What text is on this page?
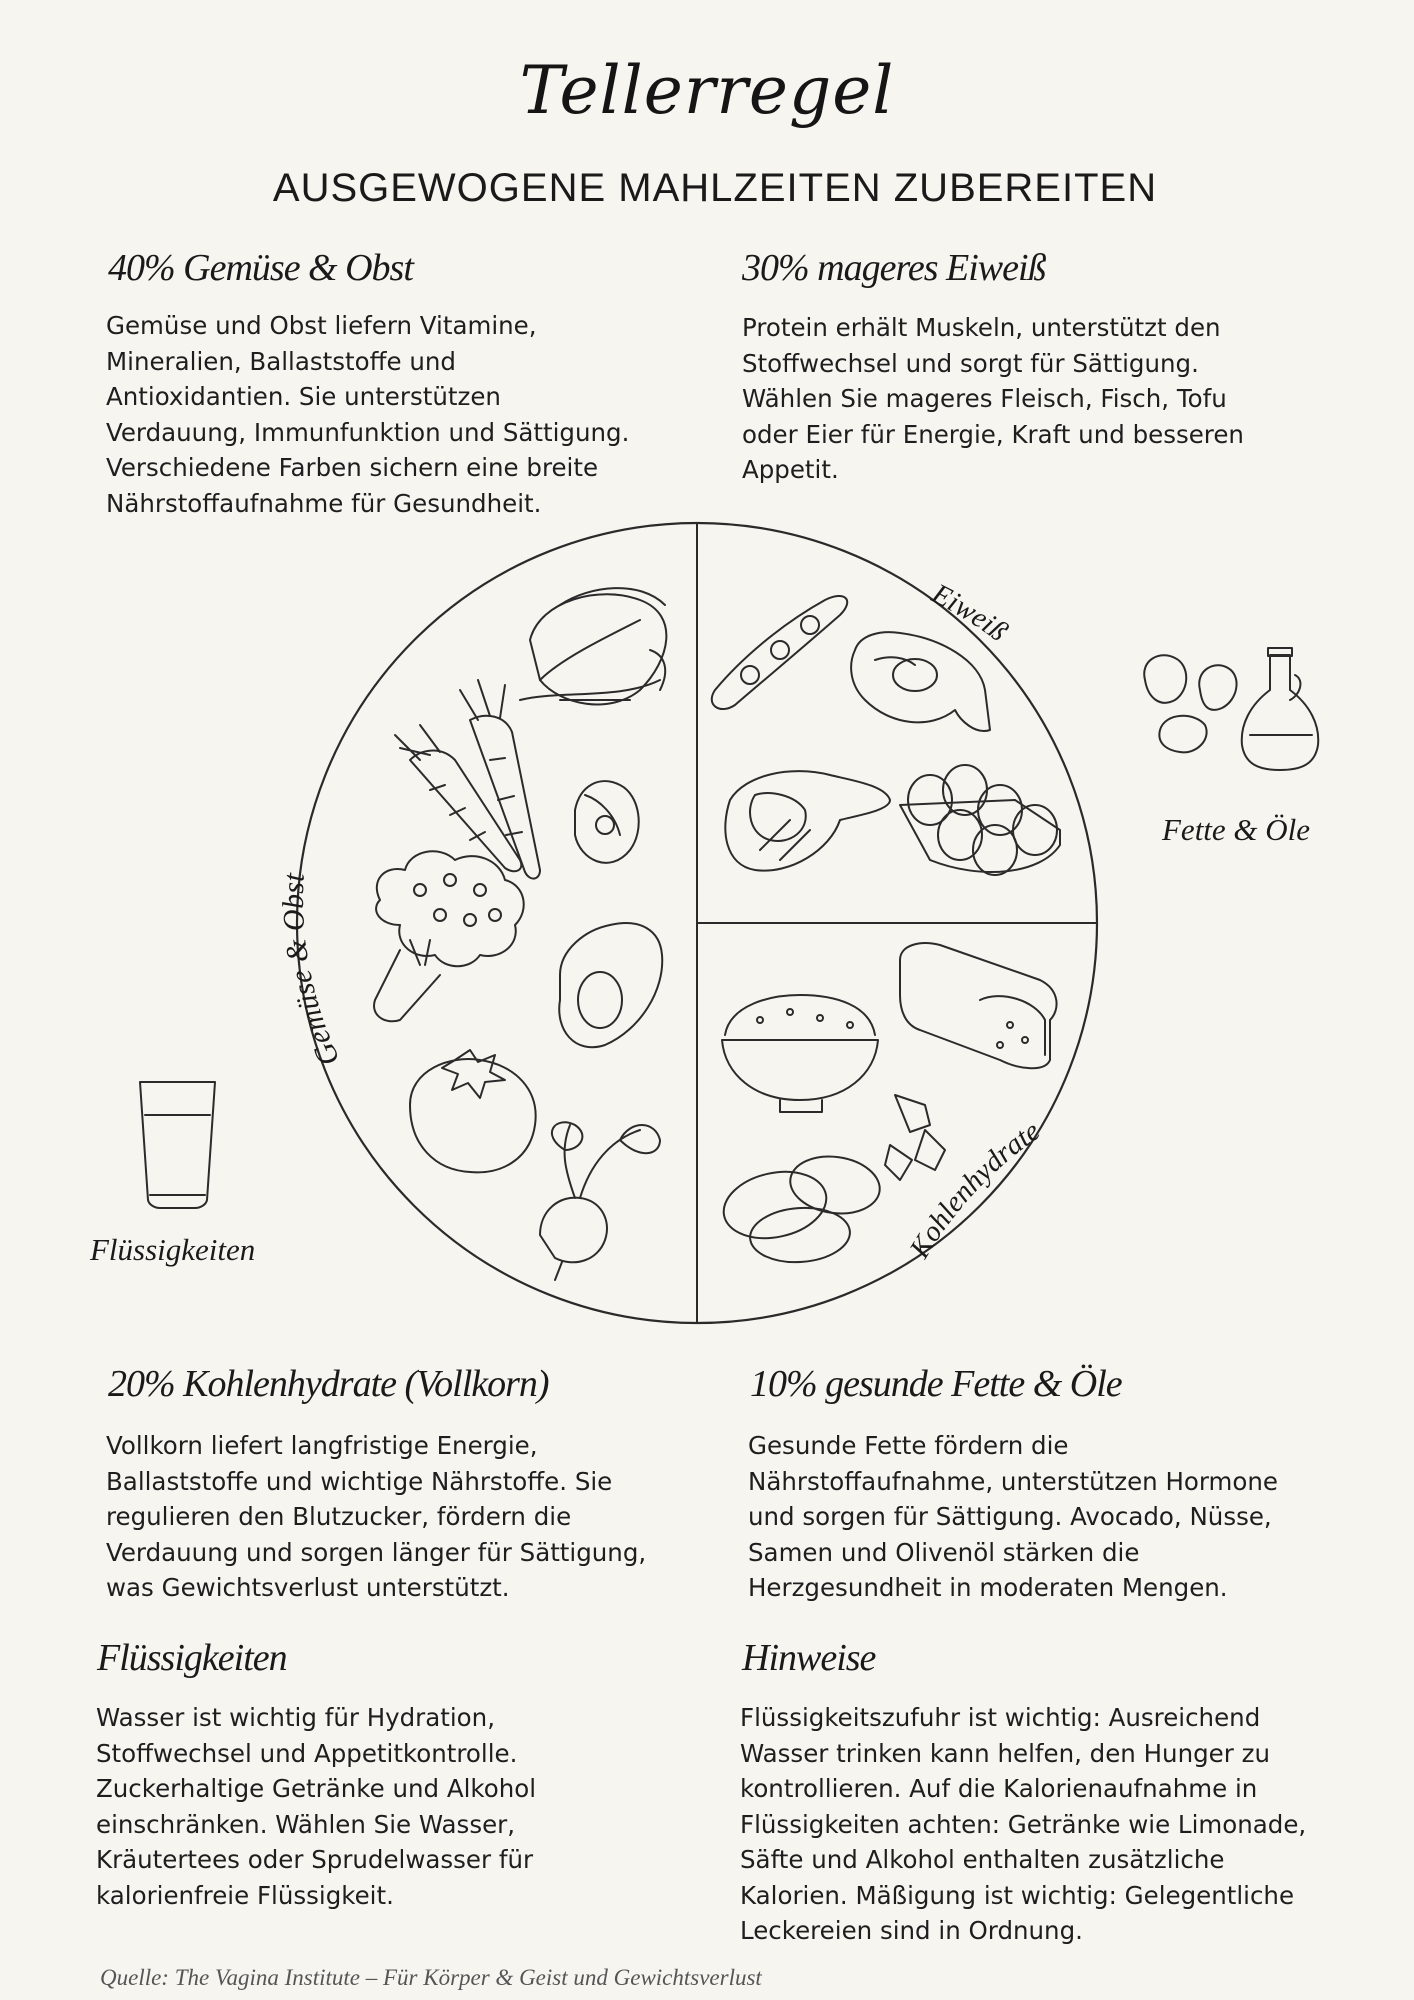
Tellerregel
AUSGEWOGENE MAHLZEITEN ZUBEREITEN
40% Gemüse & Obst
Gemüse und Obst liefern Vitamine, Mineralien, Ballaststoffe und Antioxidantien. Sie unterstützen Verdauung, Immunfunktion und Sättigung. Verschiedene Farben sichern eine breite Nährstoffaufnahme für Gesundheit.
30% mageres Eiweiß
Protein erhält Muskeln, unterstützt den Stoffwechsel und sorgt für Sättigung. Wählen Sie mageres Fleisch, Fisch, Tofu oder Eier für Energie, Kraft und besseren Appetit.
Gemüse & Obst
Eiweiß
Kohlenhydrate
Fette & Öle
Flüssigkeiten
20% Kohlenhydrate (Vollkorn)
Vollkorn liefert langfristige Energie, Ballaststoffe und wichtige Nährstoffe. Sie regulieren den Blutzucker, fördern die Verdauung und sorgen länger für Sättigung, was Gewichtsverlust unterstützt.
10% gesunde Fette & Öle
Gesunde Fette fördern die Nährstoffaufnahme, unterstützen Hormone und sorgen für Sättigung. Avocado, Nüsse, Samen und Olivenöl stärken die Herzgesundheit in moderaten Mengen.
Flüssigkeiten
Wasser ist wichtig für Hydration, Stoffwechsel und Appetitkontrolle. Zuckerhaltige Getränke und Alkohol einschränken. Wählen Sie Wasser, Kräutertees oder Sprudelwasser für kalorienfreie Flüssigkeit.
Hinweise
Flüssigkeitszufuhr ist wichtig: Ausreichend Wasser trinken kann helfen, den Hunger zu kontrollieren. Auf die Kalorienaufnahme in Flüssigkeiten achten: Getränke wie Limonade, Säfte und Alkohol enthalten zusätzliche Kalorien. Mäßigung ist wichtig: Gelegentliche Leckereien sind in Ordnung.
Quelle: The Vagina Institute – Für Körper & Geist und Gewichtsverlust
